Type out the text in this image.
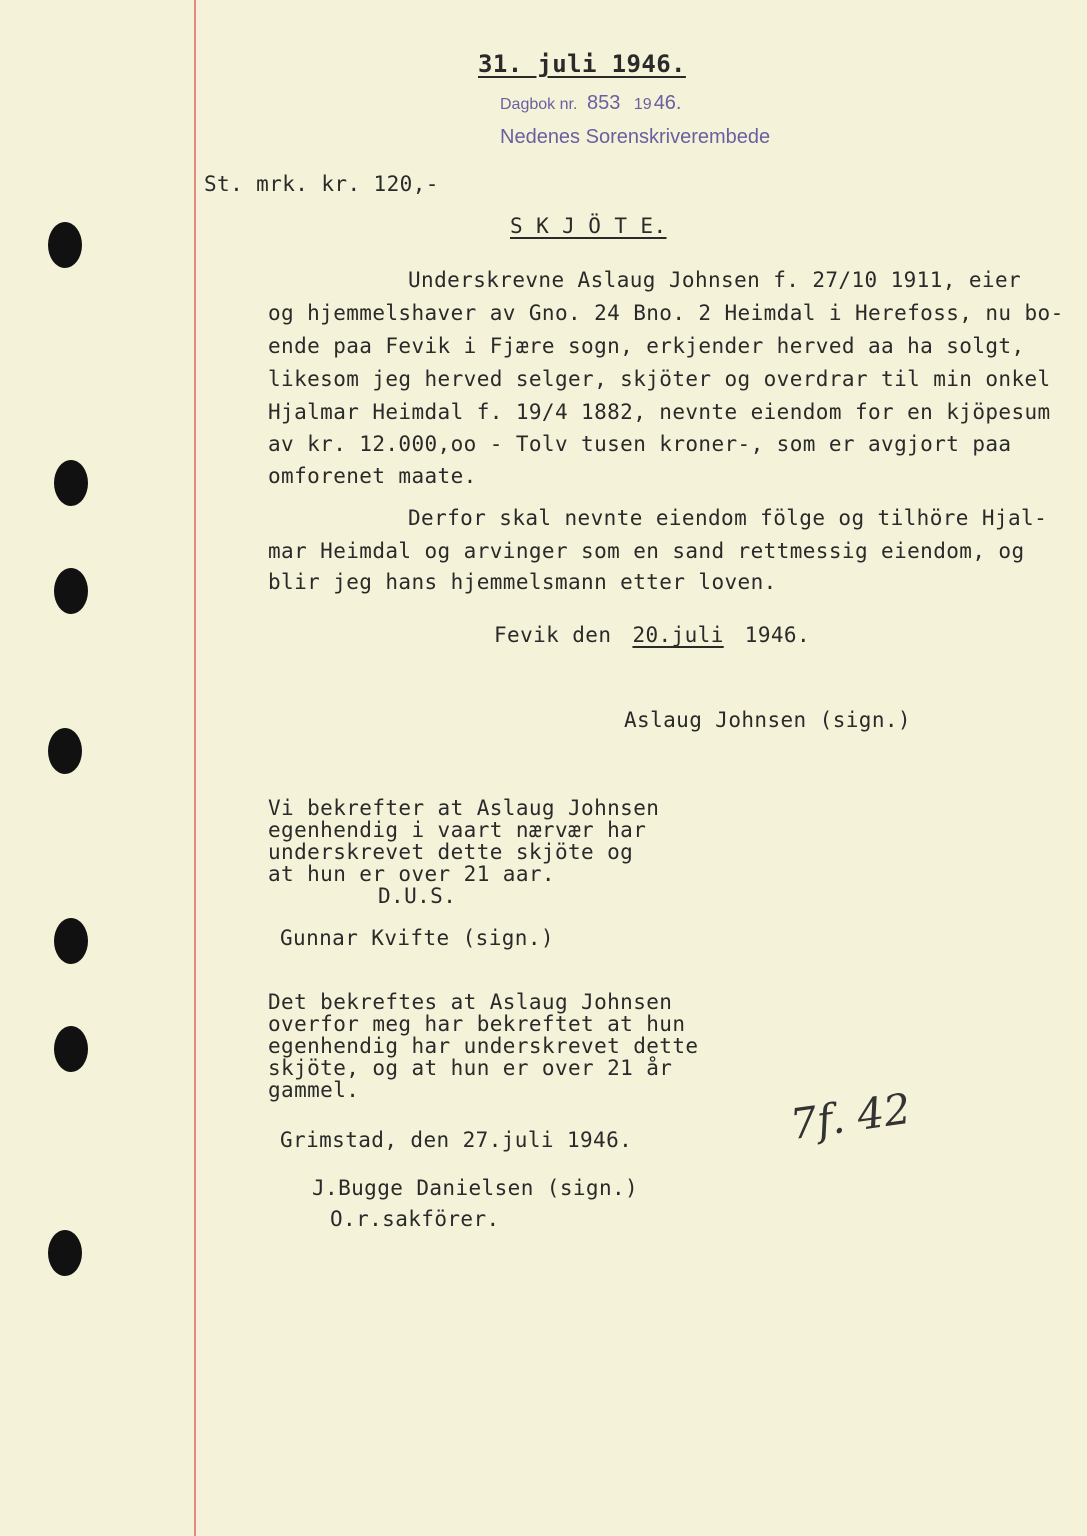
31. juli 1946.
Dagbok nr. 853 19 46.
Nedenes Sorenskriverembede
St. mrk. kr. 120,-
S K J Ö T E.
Underskrevne Aslaug Johnsen f. 27/10 1911, eier
og hjemmelshaver av Gno. 24 Bno. 2 Heimdal i Herefoss, nu bo-
ende paa Fevik i Fjære sogn, erkjender herved aa ha solgt,
likesom jeg herved selger, skjöter og overdrar til min onkel
Hjalmar Heimdal f. 19/4 1882, nevnte eiendom for en kjöpesum
av kr. 12.000,oo - Tolv tusen kroner-, som er avgjort paa
omforenet maate.
Derfor skal nevnte eiendom fölge og tilhöre Hjal-
mar Heimdal og arvinger som en sand rettmessig eiendom, og
blir jeg hans hjemmelsmann etter loven.
Fevik den 20.juli 1946.
Aslaug Johnsen (sign.)
Vi bekrefter at Aslaug Johnsen
egenhendig i vaart nærvær har
underskrevet dette skjöte og
at hun er over 21 aar.
D.U.S.
Gunnar Kvifte (sign.)
Det bekreftes at Aslaug Johnsen
overfor meg har bekreftet at hun
egenhendig har underskrevet dette
skjöte, og at hun er over 21 år
gammel.
Grimstad, den 27.juli 1946.
J.Bugge Danielsen (sign.)
O.r.sakförer.
7f. 42
